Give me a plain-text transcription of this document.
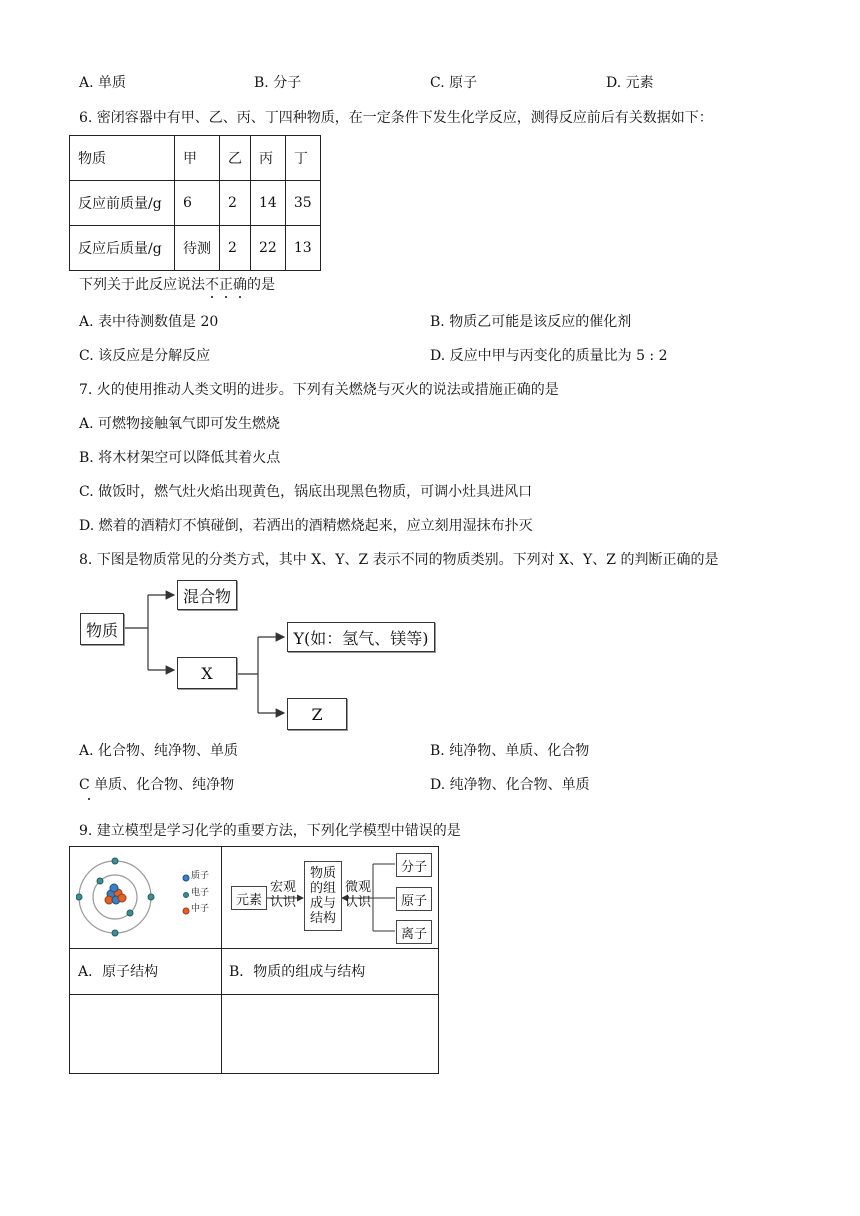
A. 单质	B. 分子	C. 原子	D. 元素
6. 密闭容器中有甲、乙、丙、丁四种物质，在一定条件下发生化学反应，测得反应前后有关数据如下：
物质	甲	乙	丙	丁
反应前质量/g	6	2	14	35
反应后质量/g	待测	2	22	13
下列关于此反应说法不正确的是
A. 表中待测数值是 20	B. 物质乙可能是该反应的催化剂
C. 该反应是分解反应	D. 反应中甲与丙变化的质量比为 5 : 2
7. 火的使用推动人类文明的进步。下列有关燃烧与灭火的说法或措施正确的是
A. 可燃物接触氧气即可发生燃烧
B. 将木材架空可以降低其着火点
C. 做饭时，燃气灶火焰出现黄色，锅底出现黑色物质，可调小灶具进风口
D. 燃着的酒精灯不慎碰倒，若洒出的酒精燃烧起来，应立刻用湿抹布扑灭
8. 下图是物质常见的分类方式，其中 X、Y、Z 表示不同的物质类别。下列对 X、Y、Z 的判断正确的是
物质
混合物
X
Y(如：氢气、镁等)
Z
A. 化合物、纯净物、单质	B. 纯净物、单质、化合物
C 单质、化合物、纯净物	D. 纯净物、化合物、单质
9. 建立模型是学习化学的重要方法，下列化学模型中错误的是
质子
电子
中子
元素
宏观
认识
物质
的组
成与
结构
微观
认识
分子
原子
离子
A．原子结构	B．物质的组成与结构
